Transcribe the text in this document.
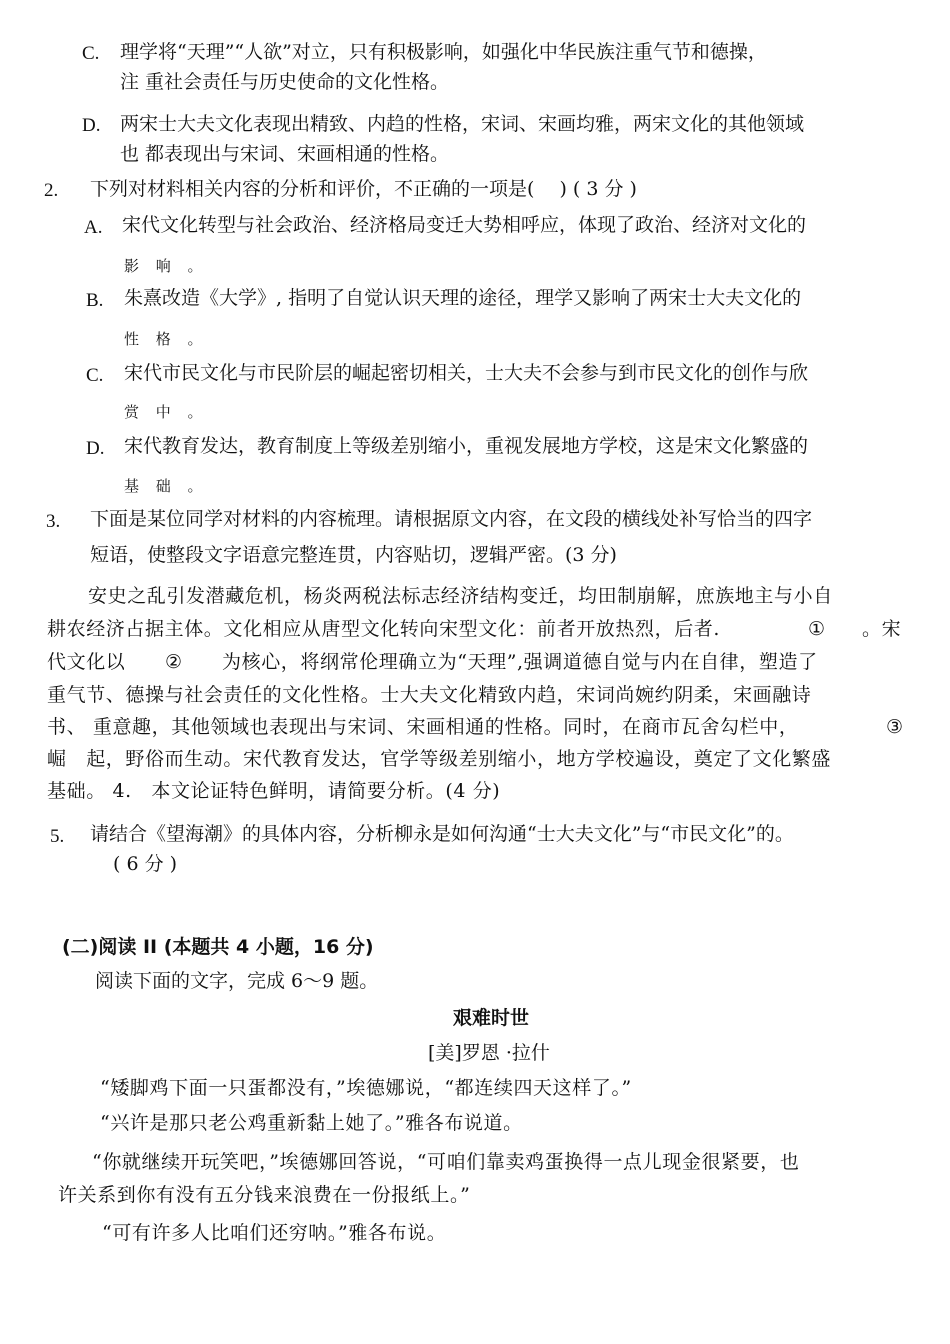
C. 理学将“天理”“人欲”对立，只有积极影响，如强化中华民族注重气节和德操，
注 重社会责任与历史使命的文化性格。
D. 两宋士大夫文化表现出精致、内趋的性格，宋词、宋画均雅，两宋文化的其他领域
也 都表现出与宋词、宋画相通的性格。
2. 下列对材料相关内容的分析和评价，不正确的一项是(　 ) ( 3 分 )
A. 宋代文化转型与社会政治、经济格局变迁大势相呼应，体现了政治、经济对文化的
影 响 。
B. 朱熹改造《大学》, 指明了自觉认识天理的途径，理学又影响了两宋士大夫文化的
性 格 。
C. 宋代市民文化与市民阶层的崛起密切相关，士大夫不会参与到市民文化的创作与欣
赏 中 。
D. 宋代教育发达，教育制度上等级差别缩小，重视发展地方学校，这是宋文化繁盛的
基 础 。
3. 下面是某位同学对材料的内容梳理。请根据原文内容，在文段的横线处补写恰当的四字
短语，使整段文字语意完整连贯，内容贴切，逻辑严密。(3 分)
安史之乱引发潜藏危机，杨炎两税法标志经济结构变迁，均田制崩解，庶族地主与小自
耕农经济占据主体。文化相应从唐型文化转向宋型文化：前者开放热烈，后者.	① 。宋
代文化以 ② 为核心，将纲常伦理确立为“天理”,强调道德自觉与内在自律，塑造了
重气节、德操与社会责任的文化性格。士大夫文化精致内趋，宋词尚婉约阴柔，宋画融诗
书、 重意趣，其他领域也表现出与宋词、宋画相通的性格。同时，在商市瓦舍勾栏中，	③
崛　起，野俗而生动。宋代教育发达，官学等级差别缩小，地方学校遍设，奠定了文化繁盛
基础。 4.　本文论证特色鲜明，请简要分析。(4 分)
5. 请结合《望海潮》的具体内容，分析柳永是如何沟通“士大夫文化”与“市民文化”的。
( 6 分 )
(二)阅读 II (本题共 4 小题，16 分)
阅读下面的文字，完成 6～9 题。
艰难时世
[美]罗恩 ·拉什
“矮脚鸡下面一只蛋都没有，”埃德娜说，“都连续四天这样了。”
“兴许是那只老公鸡重新黏上她了。”雅各布说道。
“你就继续开玩笑吧，”埃德娜回答说，“可咱们靠卖鸡蛋换得一点儿现金很紧要，也
许关系到你有没有五分钱来浪费在一份报纸上。”
“可有许多人比咱们还穷呐。”雅各布说。
